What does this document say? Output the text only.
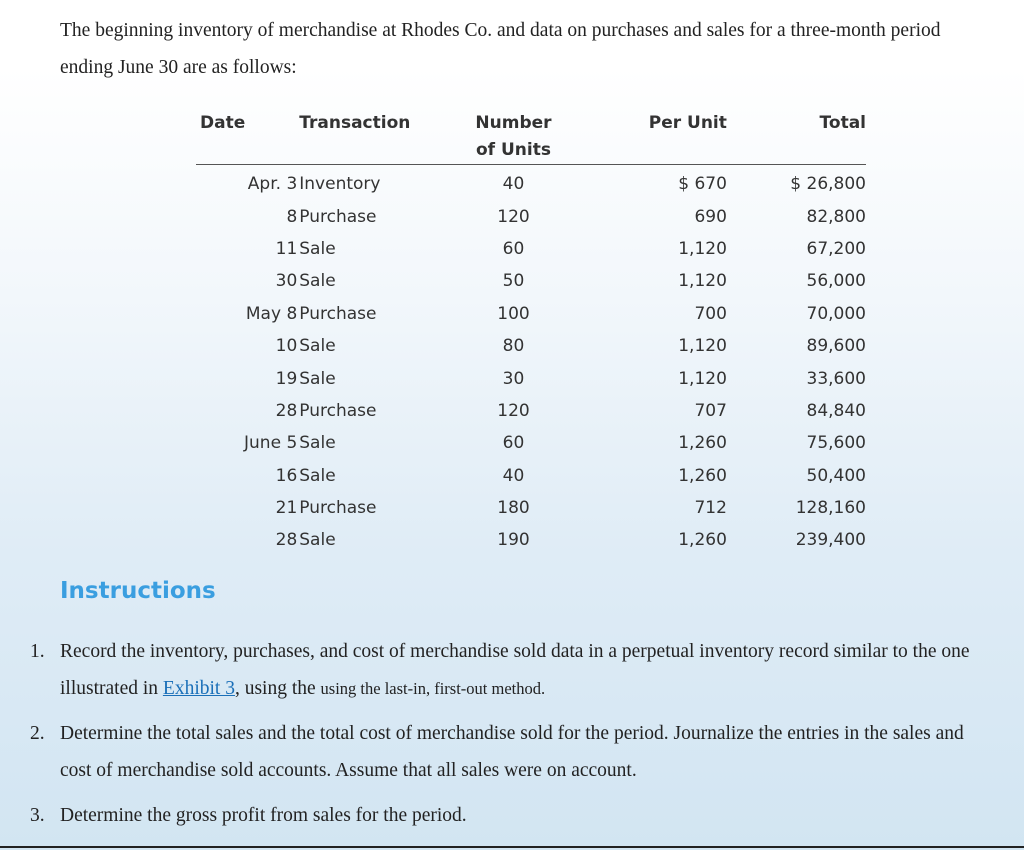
The beginning inventory of merchandise at Rhodes Co. and data on purchases and sales for a three-month period ending June 30 are as follows:
Date	Transaction	Number of Units	Per Unit	Total
Apr. 3	Inventory	40	$ 670	$ 26,800
8	Purchase	120	690	82,800
11	Sale	60	1,120	67,200
30	Sale	50	1,120	56,000
May 8	Purchase	100	700	70,000
10	Sale	80	1,120	89,600
19	Sale	30	1,120	33,600
28	Purchase	120	707	84,840
June 5	Sale	60	1,260	75,600
16	Sale	40	1,260	50,400
21	Purchase	180	712	128,160
28	Sale	190	1,260	239,400
Instructions
1. Record the inventory, purchases, and cost of merchandise sold data in a perpetual inventory record similar to the one illustrated in Exhibit 3, using the using the last-in, first-out method.
2. Determine the total sales and the total cost of merchandise sold for the period. Journalize the entries in the sales and cost of merchandise sold accounts. Assume that all sales were on account.
3. Determine the gross profit from sales for the period.
